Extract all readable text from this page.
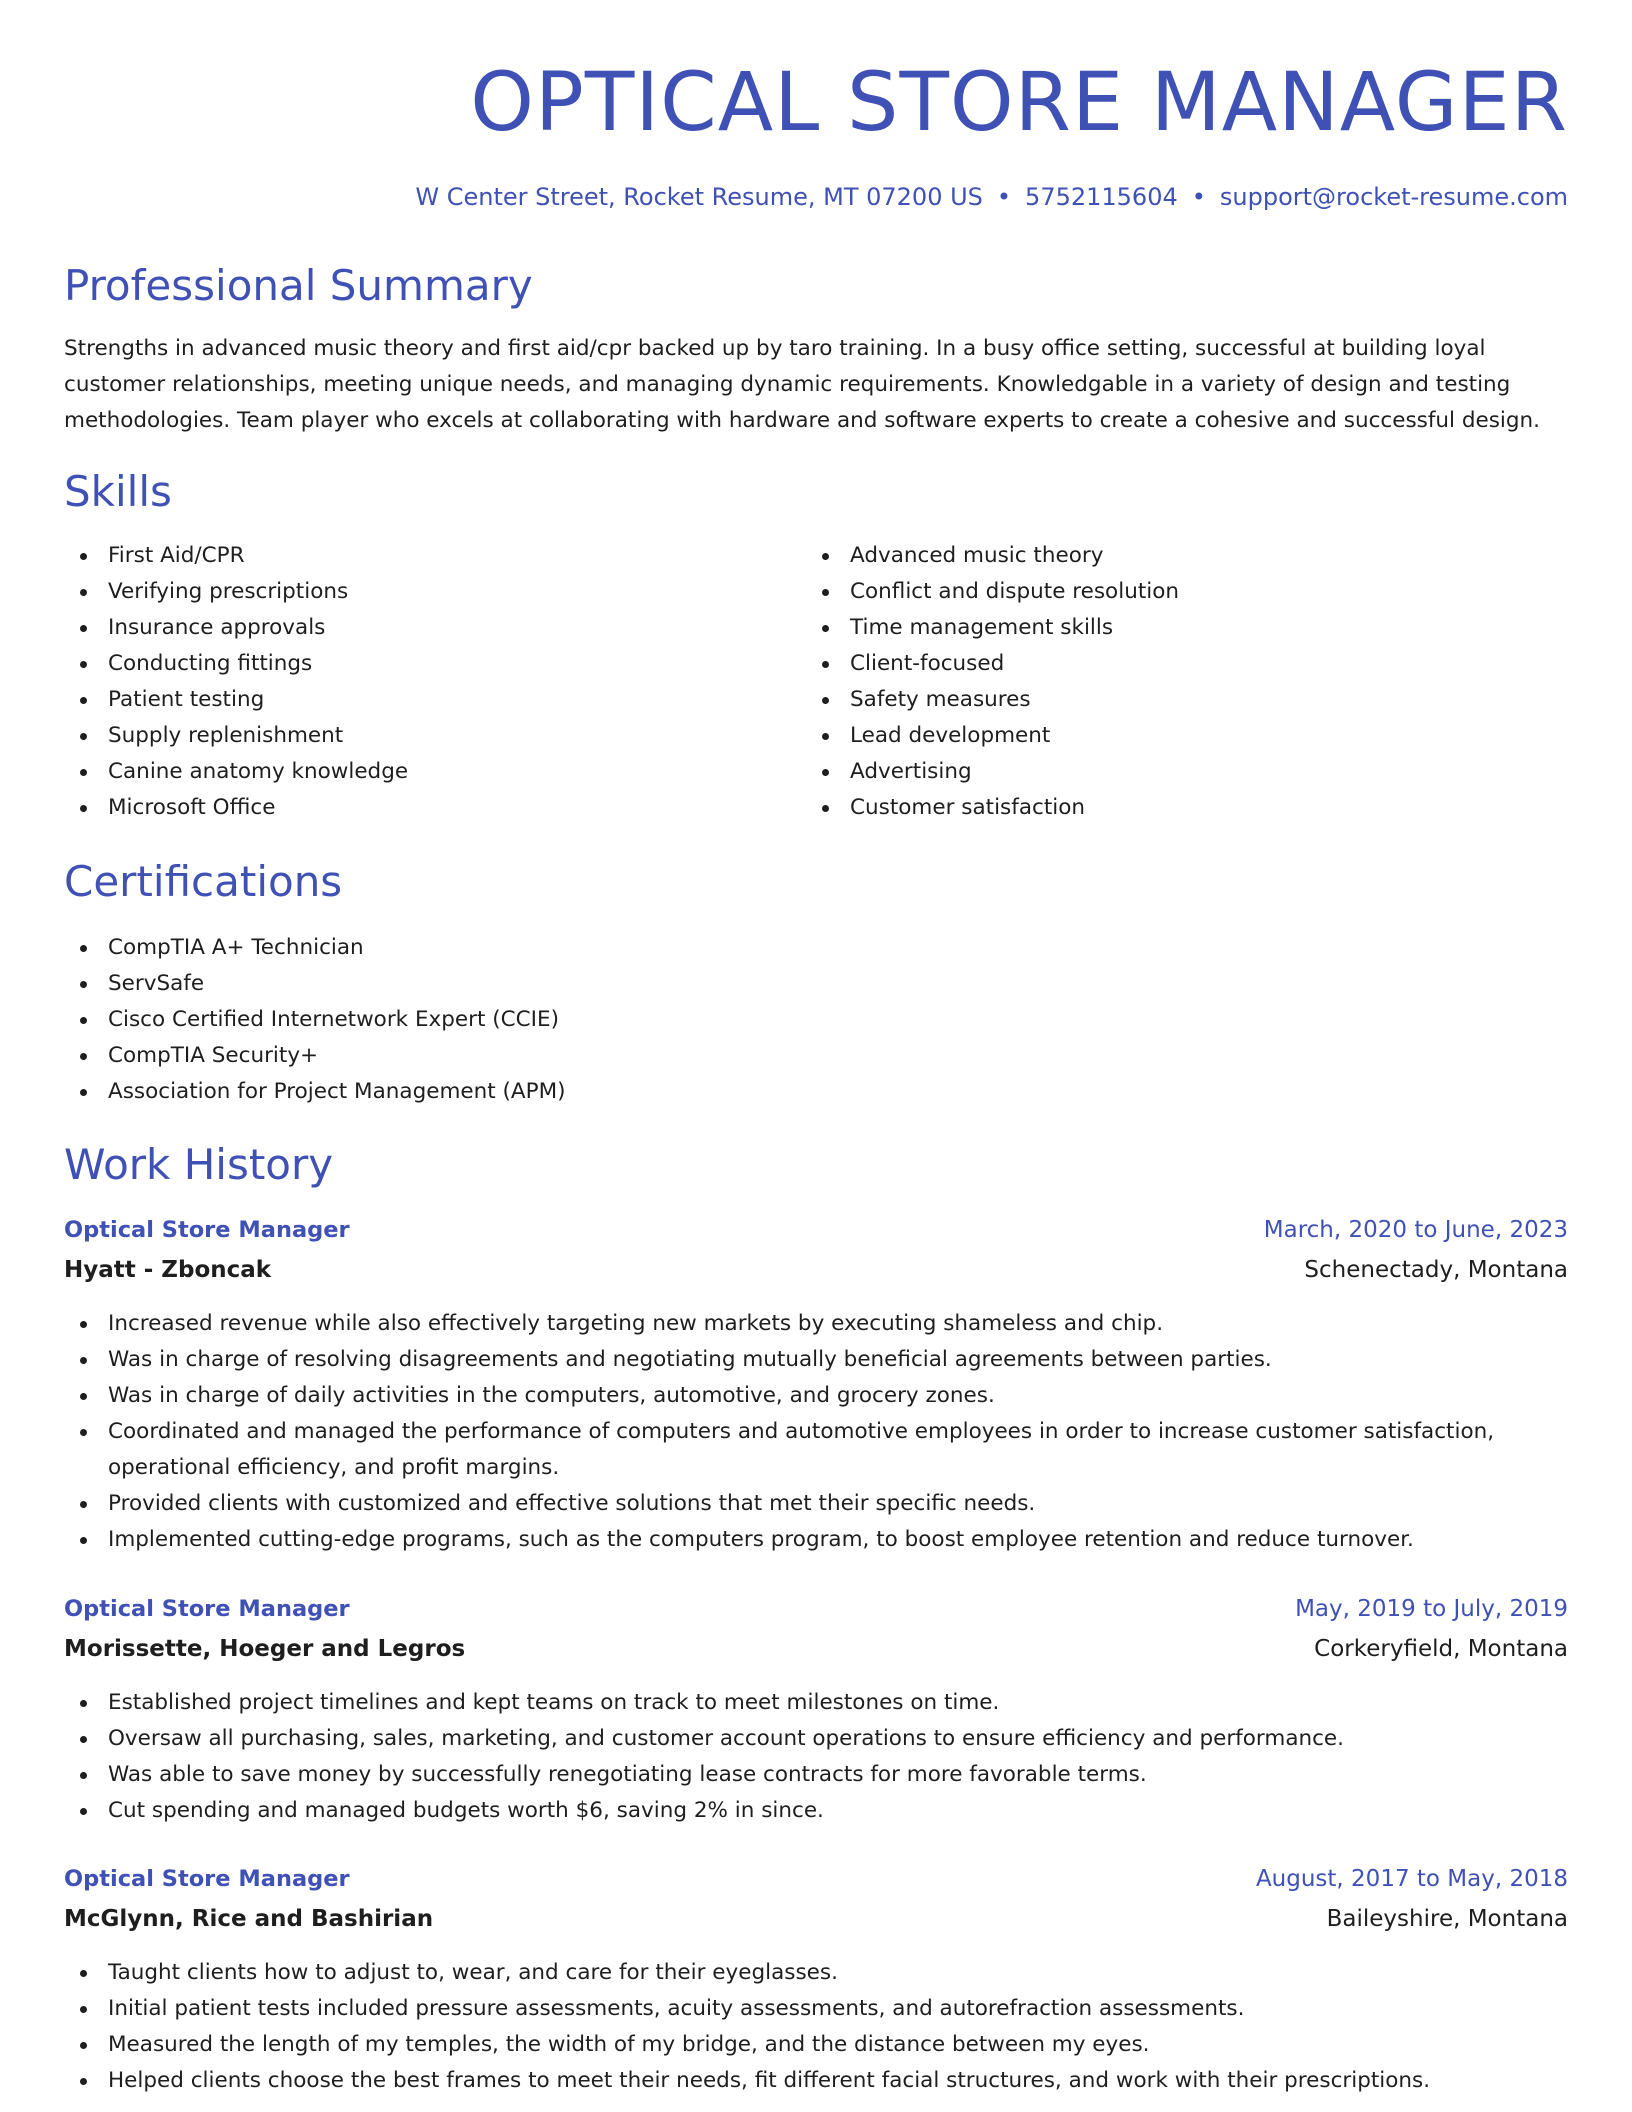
OPTICAL STORE MANAGER
W Center Street, Rocket Resume, MT 07200 US • 5752115604 • support@rocket-resume.com
Professional Summary

Strengths in advanced music theory and first aid/cpr backed up by taro training. In a busy office setting, successful at building loyal customer relationships, meeting unique needs, and managing dynamic requirements. Knowledgable in a variety of design and testing methodologies. Team player who excels at collaborating with hardware and software experts to create a cohesive and successful design.

Skills
First Aid/CPR
Verifying prescriptions
Insurance approvals
Conducting fittings
Patient testing
Supply replenishment
Canine anatomy knowledge
Microsoft Office
Advanced music theory
Conflict and dispute resolution
Time management skills
Client-focused
Safety measures
Lead development
Advertising
Customer satisfaction
Certifications
CompTIA A+ Technician
ServSafe
Cisco Certified Internetwork Expert (CCIE)
CompTIA Security+
Association for Project Management (APM)
Work History
Optical Store Manager	March, 2020 to June, 2023
Hyatt - Zboncak	Schenectady, Montana
Increased revenue while also effectively targeting new markets by executing shameless and chip.
Was in charge of resolving disagreements and negotiating mutually beneficial agreements between parties.
Was in charge of daily activities in the computers, automotive, and grocery zones.
Coordinated and managed the performance of computers and automotive employees in order to increase customer satisfaction, operational efficiency, and profit margins.
Provided clients with customized and effective solutions that met their specific needs.
Implemented cutting-edge programs, such as the computers program, to boost employee retention and reduce turnover.
Optical Store Manager	May, 2019 to July, 2019
Morissette, Hoeger and Legros	Corkeryfield, Montana
Established project timelines and kept teams on track to meet milestones on time.
Oversaw all purchasing, sales, marketing, and customer account operations to ensure efficiency and performance.
Was able to save money by successfully renegotiating lease contracts for more favorable terms.
Cut spending and managed budgets worth $6, saving 2% in since.
Optical Store Manager	August, 2017 to May, 2018
McGlynn, Rice and Bashirian	Baileyshire, Montana
Taught clients how to adjust to, wear, and care for their eyeglasses.
Initial patient tests included pressure assessments, acuity assessments, and autorefraction assessments.
Measured the length of my temples, the width of my bridge, and the distance between my eyes.
Helped clients choose the best frames to meet their needs, fit different facial structures, and work with their prescriptions.
